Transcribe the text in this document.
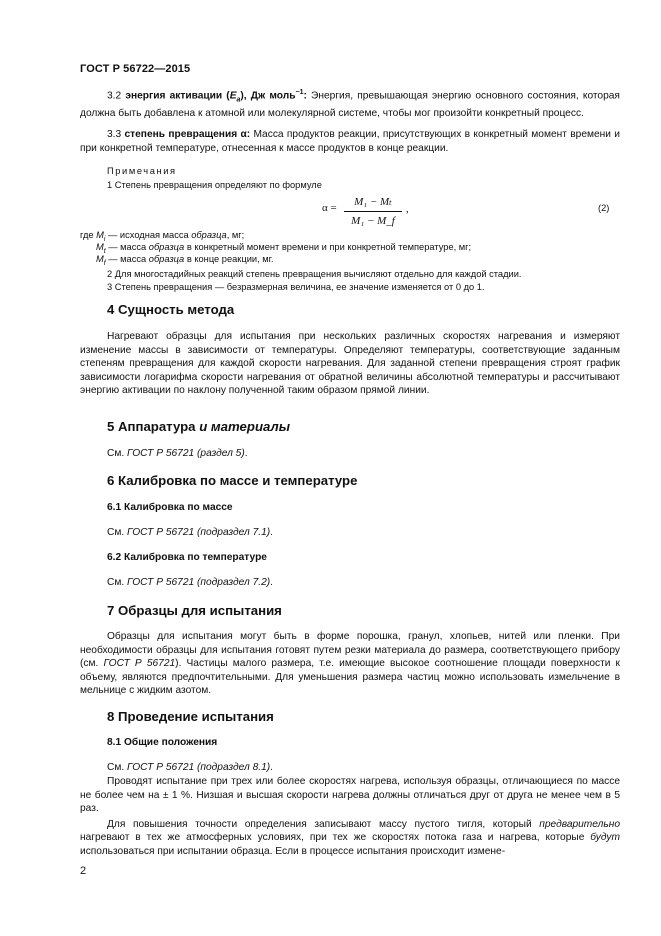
ГОСТ Р 56722—2015

3.2 энергия активации $(E_a)$, Дж моль$^{-1}$: Энергия, превышающая энергию основного состояния, которая должна быть добавлена к атомной или молекулярной системе, чтобы мог произойти конкретный процесс.

3.3 степень превращения α: Масса продуктов реакции, присутствующих в конкретный момент времени и при конкретной температуре, отнесенная к массе продуктов в конце реакции.

Примечания
1 Степень превращения определяют по формуле
α =	M₁ − Mₜ
M₁ − M_f
,	(2)
где $M_i$ — исходная масса образца, мг;
$M_t$ — масса образца в конкретный момент времени и при конкретной температуре, мг;
$M_f$ — масса образца в конце реакции, мг.
2 Для многостадийных реакций степень превращения вычисляют отдельно для каждой стадии.
3 Степень превращения — безразмерная величина, ее значение изменяется от 0 до 1.
4 Сущность метода

Нагревают образцы для испытания при нескольких различных скоростях нагревания и измеряют изменение массы в зависимости от температуры. Определяют температуры, соответствующие заданным степеням превращения для каждой скорости нагревания. Для заданной степени превращения строят график зависимости логарифма скорости нагревания от обратной величины абсолютной температуры и рассчитывают энергию активации по наклону полученной таким образом прямой линии.

5 Аппаратура и материалы
См. ГОСТ Р 56721 (раздел 5).
6 Калибровка по массе и температуре
6.1 Калибровка по массе
См. ГОСТ Р 56721 (подраздел 7.1).
6.2 Калибровка по температуре
См. ГОСТ Р 56721 (подраздел 7.2).
7 Образцы для испытания

Образцы для испытания могут быть в форме порошка, гранул, хлопьев, нитей или пленки. При необходимости образцы для испытания готовят путем резки материала до размера, соответствующего прибору (см. ГОСТ Р 56721). Частицы малого размера, т.е. имеющие высокое соотношение площади поверхности к объему, являются предпочтительными. Для уменьшения размера частиц можно использовать измельчение в мельнице с жидким азотом.

8 Проведение испытания
8.1 Общие положения
См. ГОСТ Р 56721 (подраздел 8.1).

Проводят испытание при трех или более скоростях нагрева, используя образцы, отличающиеся по массе не более чем на ± 1 %. Низшая и высшая скорости нагрева должны отличаться друг от друга не менее чем в 5 раз.

Для повышения точности определения записывают массу пустого тигля, который предварительно нагревают в тех же атмосферных условиях, при тех же скоростях потока газа и нагрева, которые будут использоваться при испытании образца. Если в процессе испытания происходит измене-

2
